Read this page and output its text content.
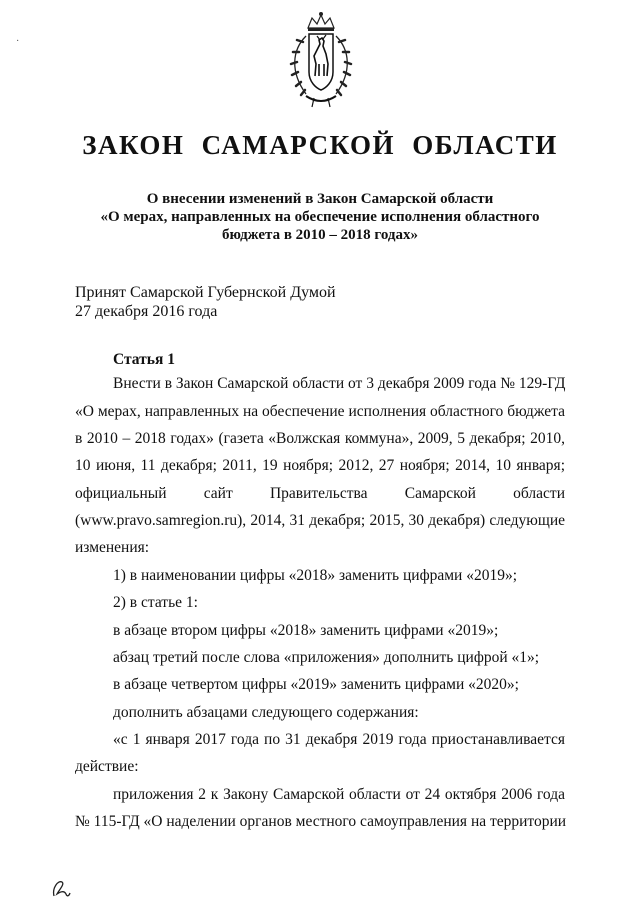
·
ЗАКОН САМАРСКОЙ ОБЛАСТИ
О внесении изменений в Закон Самарской области
«О мерах, направленных на обеспечение исполнения областного
бюджета в 2010 – 2018 годах»
Принят Самарской Губернской Думой
27 декабря 2016 года
Статья 1
Внести в Закон Самарской области от 3 декабря 2009 года № 129-ГД
«О мерах, направленных на обеспечение исполнения областного бюджета
в 2010 – 2018 годах» (газета «Волжская коммуна», 2009, 5 декабря; 2010,
10 июня, 11 декабря; 2011, 19 ноября; 2012, 27 ноября; 2014, 10 января;
официальный сайт Правительства Самарской области
(www.pravo.samregion.ru), 2014, 31 декабря; 2015, 30 декабря) следующие
изменения:
1) в наименовании цифры «2018» заменить цифрами «2019»;
2) в статье 1:
в абзаце втором цифры «2018» заменить цифрами «2019»;
абзац третий после слова «приложения» дополнить цифрой «1»;
в абзаце четвертом цифры «2019» заменить цифрами «2020»;
дополнить абзацами следующего содержания:
«с 1 января 2017 года по 31 декабря 2019 года приостанавливается
действие:
приложения 2 к Закону Самарской области от 24 октября 2006 года
№ 115-ГД «О наделении органов местного самоуправления на территории
